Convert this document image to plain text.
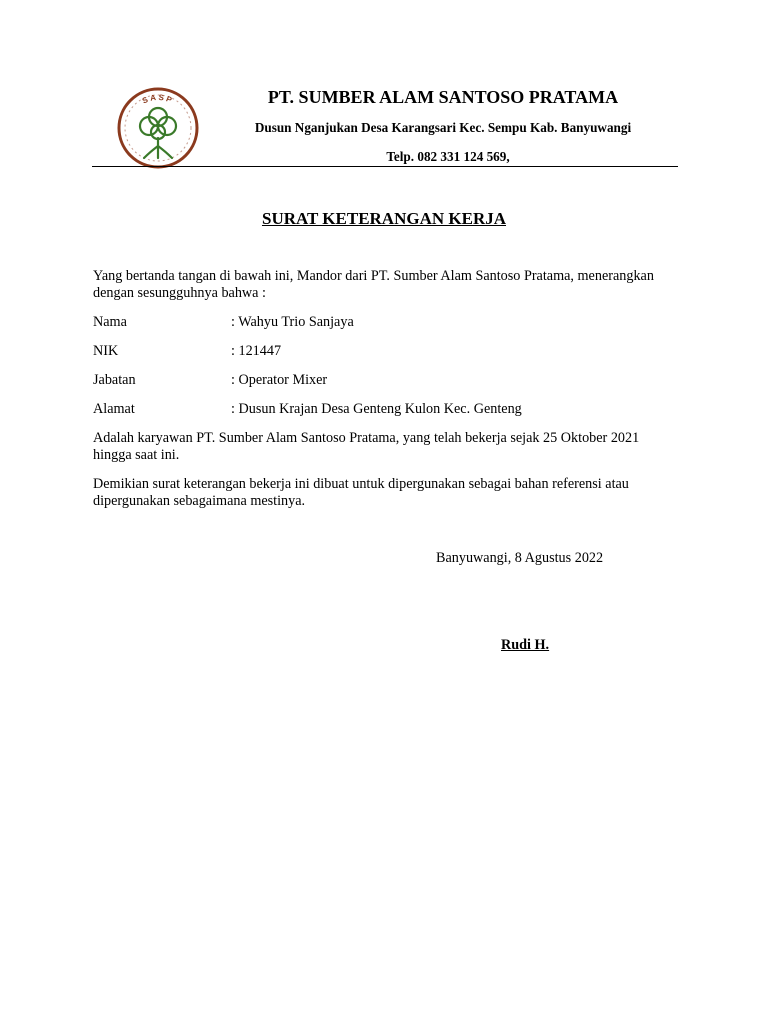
SASP	PT. SUMBER ALAM SANTOSO PRATAMA

Dusun Nganjukan Desa Karangsari Kec. Sempu Kab. Banyuwangi

Telp. 082 331 124 569,

SURAT KETERANGAN KERJA

Yang bertanda tangan di bawah ini, Mandor dari PT. Sumber Alam Santoso Pratama, menerangkan dengan sesungguhnya bahwa :

Nama	: Wahyu Trio Sanjaya
NIK	: 121447
Jabatan	: Operator Mixer
Alamat	: Dusun Krajan Desa Genteng Kulon Kec. Genteng

Adalah karyawan PT. Sumber Alam Santoso Pratama, yang telah bekerja sejak 25 Oktober 2021 hingga saat ini.

Demikian surat keterangan bekerja ini dibuat untuk dipergunakan sebagai bahan referensi atau dipergunakan sebagaimana mestinya.

Banyuwangi, 8 Agustus 2022

Rudi H.
